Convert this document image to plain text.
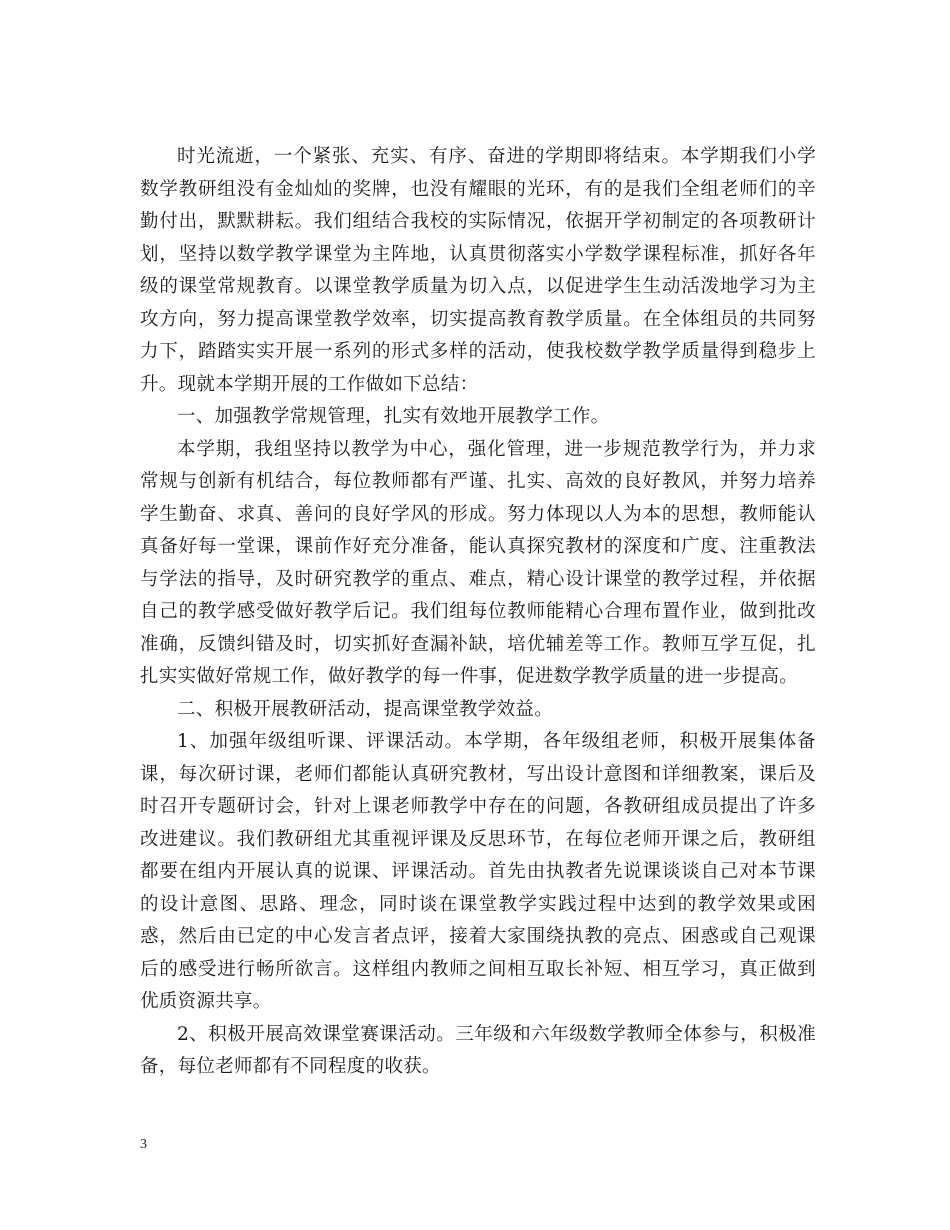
时光流逝，一个紧张、充实、有序、奋进的学期即将结束。本学期我们小学数学教研组没有金灿灿的奖牌，也没有耀眼的光环，有的是我们全组老师们的辛勤付出，默默耕耘。我们组结合我校的实际情况，依据开学初制定的各项教研计划，坚持以数学教学课堂为主阵地，认真贯彻落实小学数学课程标准，抓好各年级的课堂常规教育。以课堂教学质量为切入点，以促进学生生动活泼地学习为主攻方向，努力提高课堂教学效率，切实提高教育教学质量。在全体组员的共同努力下，踏踏实实开展一系列的形式多样的活动，使我校数学教学质量得到稳步上升。现就本学期开展的工作做如下总结：

一、加强教学常规管理，扎实有效地开展教学工作。

本学期，我组坚持以教学为中心，强化管理，进一步规范教学行为，并力求常规与创新有机结合，每位教师都有严谨、扎实、高效的良好教风，并努力培养学生勤奋、求真、善问的良好学风的形成。努力体现以人为本的思想，教师能认真备好每一堂课，课前作好充分准备，能认真探究教材的深度和广度、注重教法与学法的指导，及时研究教学的重点、难点，精心设计课堂的教学过程，并依据自己的教学感受做好教学后记。我们组每位教师能精心合理布置作业，做到批改准确，反馈纠错及时，切实抓好查漏补缺，培优辅差等工作。教师互学互促，扎扎实实做好常规工作，做好教学的每一件事，促进数学教学质量的进一步提高。

二、积极开展教研活动，提高课堂教学效益。

1、加强年级组听课、评课活动。本学期，各年级组老师，积极开展集体备课，每次研讨课，老师们都能认真研究教材，写出设计意图和详细教案，课后及时召开专题研讨会，针对上课老师教学中存在的问题，各教研组成员提出了许多改进建议。我们教研组尤其重视评课及反思环节，在每位老师开课之后，教研组都要在组内开展认真的说课、评课活动。首先由执教者先说课谈谈自己对本节课的设计意图、思路、理念，同时谈在课堂教学实践过程中达到的教学效果或困惑，然后由已定的中心发言者点评，接着大家围绕执教的亮点、困惑或自己观课后的感受进行畅所欲言。这样组内教师之间相互取长补短、相互学习，真正做到优质资源共享。

2、积极开展高效课堂赛课活动。三年级和六年级数学教师全体参与，积极准备，每位老师都有不同程度的收获。

3
